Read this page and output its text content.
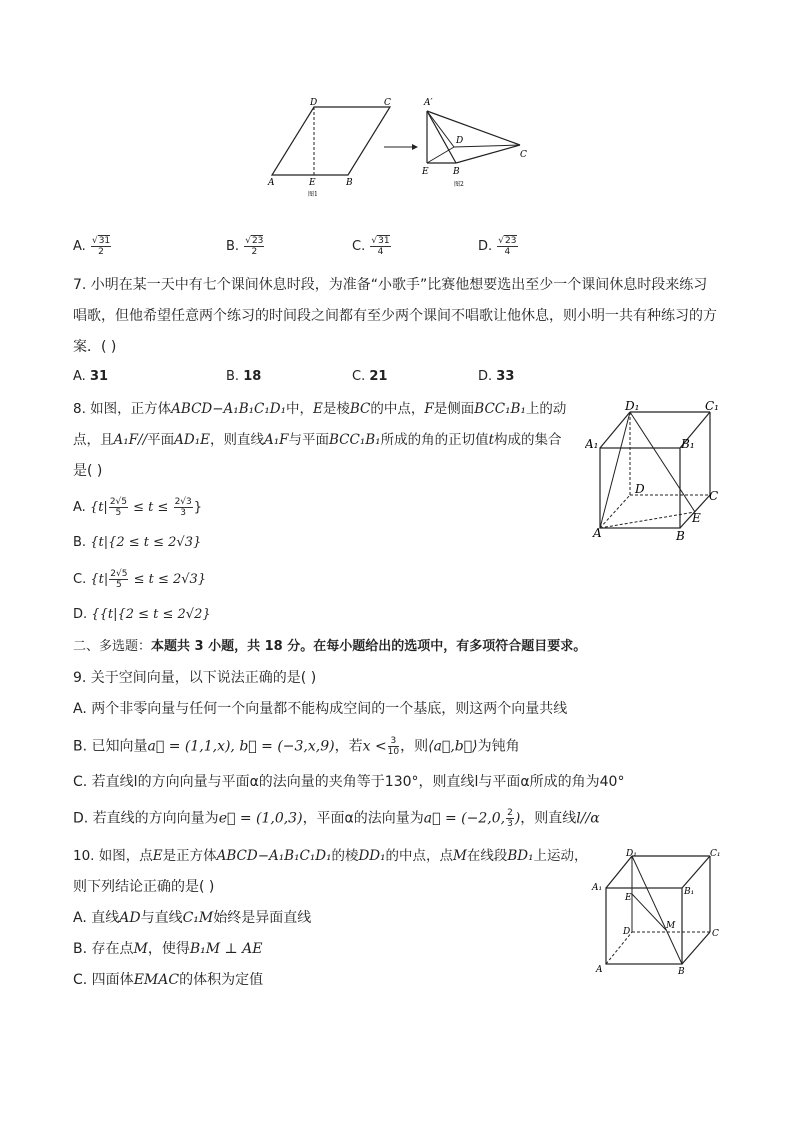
D	C
A	E	B
图1
A′
D
C
E	B
图2
A. $\frac{√31}{2}$	B. $\frac{√23}{2}$	C. $\frac{√31}{4}$	D. $\frac{√23}{4}$
7. 小明在某一天中有七个课间休息时段，为准备“小歌手”比赛他想要选出至少一个课间休息时段来练习
唱歌，但他希望任意两个练习的时间段之间都有至少两个课间不唱歌让他休息，则小明一共有种练习的方
案．( )
A. 31	B. 18	C. 21	D. 33
8. 如图，正方体ABCD−A₁B₁C₁D₁中，E是棱BC的中点，F是侧面BCC₁B₁上的动
点，且A₁F//平面AD₁E，则直线A₁F与平面BCC₁B₁所成的角的正切值t构成的集合
是( )
A. {$t| \frac{2√5}{5} \le t \le \frac{2√3}{3}$ }
B. {t|{2 ≤ t ≤ 2√3}
C. $\{t| \frac{2√5}{5} \le t \le 2√3\}$
D. {{t|{2 ≤ t ≤ 2√2}
D₁	C₁
A₁	B₁
D	C
A	B
E
二、多选题：本题共 3 小题，共 18 分。在每小题给出的选项中，有多项符合题目要求。
9. 关于空间向量，以下说法正确的是( )
A. 两个非零向量与任何一个向量都不能构成空间的一个基底，则这两个向量共线
B. 已知向量a⃗ = (1,1,x), b⃗ = (−3,x,9)，若$x < \frac{3}{10}$ ，则⟨a⃗,b⃗⟩为钝角
C. 若直线l的方向向量与平面α的法向量的夹角等于130°，则直线l与平面α所成的角为40°
D. 若直线的方向向量为e⃗ = (1,0,3)，平面α的法向量为a⃗ = (−2,0, $\frac{2}{3}$ )，则直线l//α
10. 如图，点E是正方体ABCD−A₁B₁C₁D₁的棱DD₁的中点，点M在线段BD₁上运动，
则下列结论正确的是( )
A. 直线AD与直线C₁M始终是异面直线
B. 存在点M，使得B₁M ⊥ AE
C. 四面体EMAC的体积为定值
D₁	C₁
A₁	B₁
E
M
D	C
A	B
